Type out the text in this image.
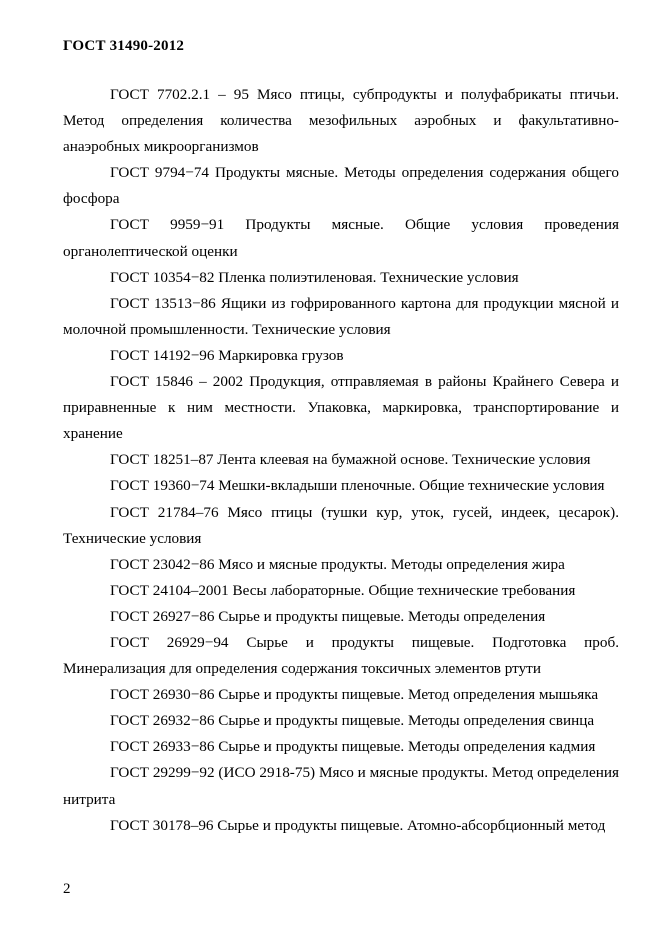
ГОСТ 31490-2012

ГОСТ 7702.2.1 – 95 Мясо птицы, субпродукты и полуфабрикаты птичьи. Метод определения количества мезофильных аэробных и факультативно- анаэробных микроорганизмов

ГОСТ 9794−74 Продукты мясные. Методы определения содержания общего фосфора

ГОСТ 9959−91 Продукты мясные. Общие условия проведения органолептической оценки

ГОСТ 10354−82 Пленка полиэтиленовая. Технические условия

ГОСТ 13513−86 Ящики из гофрированного картона для продукции мясной и молочной промышленности. Технические условия

ГОСТ 14192−96 Маркировка грузов

ГОСТ 15846 – 2002 Продукция, отправляемая в районы Крайнего Севера и приравненные к ним местности. Упаковка, маркировка, транспортирование и хранение

ГОСТ 18251–87 Лента клеевая на бумажной основе. Технические условия

ГОСТ 19360−74 Мешки-вкладыши пленочные. Общие технические условия

ГОСТ 21784–76 Мясо птицы (тушки кур, уток, гусей, индеек, цесарок). Технические условия

ГОСТ 23042−86 Мясо и мясные продукты. Методы определения жира

ГОСТ 24104–2001 Весы лабораторные. Общие технические требования

ГОСТ 26927−86 Сырье и продукты пищевые. Методы определения

ГОСТ 26929−94 Сырье и продукты пищевые. Подготовка проб. Минерализация для определения содержания токсичных элементов ртути

ГОСТ 26930−86 Сырье и продукты пищевые. Метод определения мышьяка

ГОСТ 26932−86 Сырье и продукты пищевые. Методы определения свинца

ГОСТ 26933−86 Сырье и продукты пищевые. Методы определения кадмия

ГОСТ 29299−92 (ИСО 2918-75) Мясо и мясные продукты. Метод определения нитрита

ГОСТ 30178–96 Сырье и продукты пищевые. Атомно-абсорбционный метод

2
